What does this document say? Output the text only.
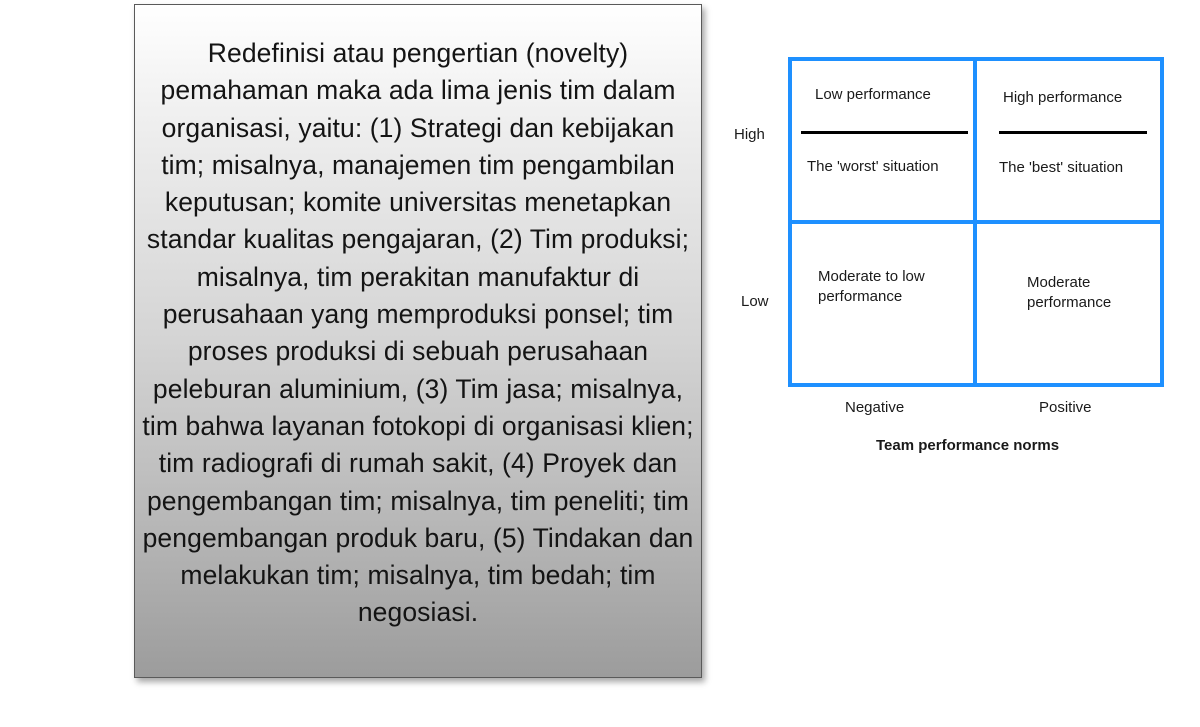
Redefinisi atau pengertian (novelty) pemahaman maka ada lima jenis tim dalam organisasi, yaitu: (1) Strategi dan kebijakan tim; misalnya, manajemen tim pengambilan keputusan; komite universitas menetapkan standar kualitas pengajaran, (2) Tim produksi; misalnya, tim perakitan manufaktur di perusahaan yang memproduksi ponsel; tim proses produksi di sebuah perusahaan peleburan aluminium, (3) Tim jasa; misalnya, tim bahwa layanan fotokopi di organisasi klien; tim radiografi di rumah sakit, (4) Proyek dan pengembangan tim; misalnya, tim peneliti; tim pengembangan produk baru, (5) Tindakan dan melakukan tim; misalnya, tim bedah; tim negosiasi.

Low performance
The 'worst' situation
High performance
The 'best' situation
Moderate to low performance
Moderate performance
High
Low
Negative	Positive
Team performance norms
